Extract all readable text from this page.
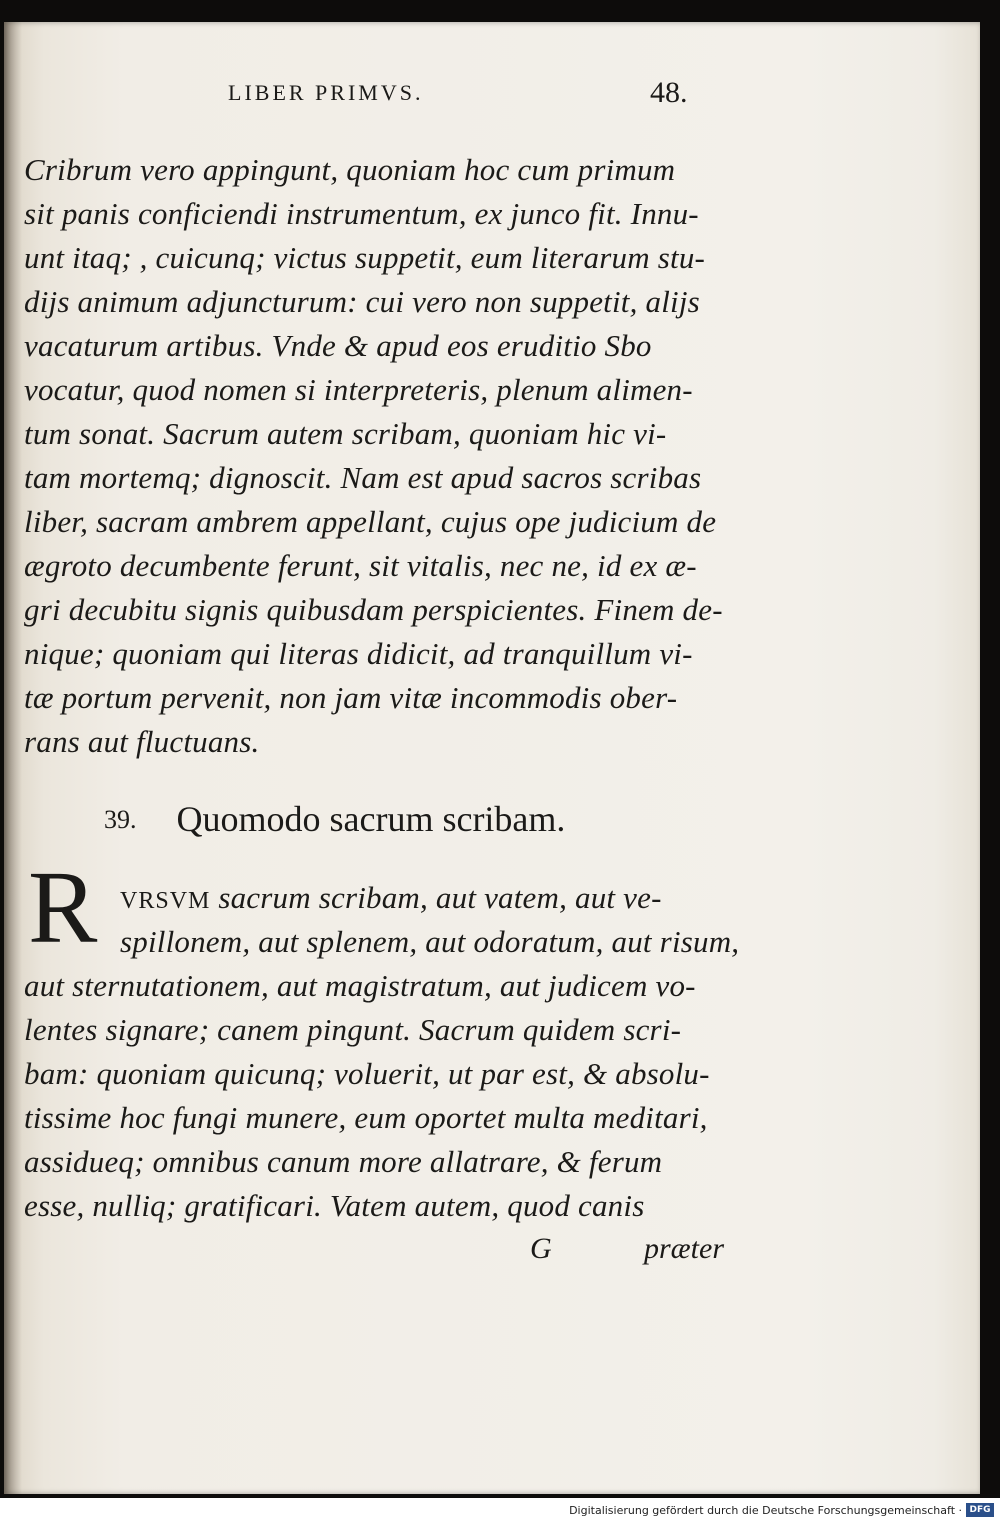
LIBER PRIMVS.	48.
Cribrum vero appingunt, quoniam hoc cum primum
sit panis conficiendi instrumentum, ex junco fit. Innu-
unt itaq; , cuicunq; victus suppetit, eum literarum stu-
dijs animum adjuncturum: cui vero non suppetit, alijs
vacaturum artibus. Vnde & apud eos eruditio Sbo
vocatur, quod nomen si interpreteris, plenum alimen-
tum sonat. Sacrum autem scribam, quoniam hic vi-
tam mortemq; dignoscit. Nam est apud sacros scribas
liber, sacram ambrem appellant, cujus ope judicium de
ægroto decumbente ferunt, sit vitalis, nec ne, id ex æ-
gri decubitu signis quibusdam perspicientes. Finem de-
nique; quoniam qui literas didicit, ad tranquillum vi-
tæ portum pervenit, non jam vitæ incommodis ober-
rans aut fluctuans.
39. Quomodo sacrum scribam.
R VRSVM sacrum scribam, aut vatem, aut ve-
spillonem, aut splenem, aut odoratum, aut risum,
aut sternutationem, aut magistratum, aut judicem vo-
lentes signare; canem pingunt. Sacrum quidem scri-
bam: quoniam quicunq; voluerit, ut par est, & absolu-
tissime hoc fungi munere, eum oportet multa meditari,
assidueq; omnibus canum more allatrare, & ferum
esse, nulliq; gratificari. Vatem autem, quod canis
G	præter
Digitalisierung gefördert durch die Deutsche Forschungsgemeinschaft · DFG
